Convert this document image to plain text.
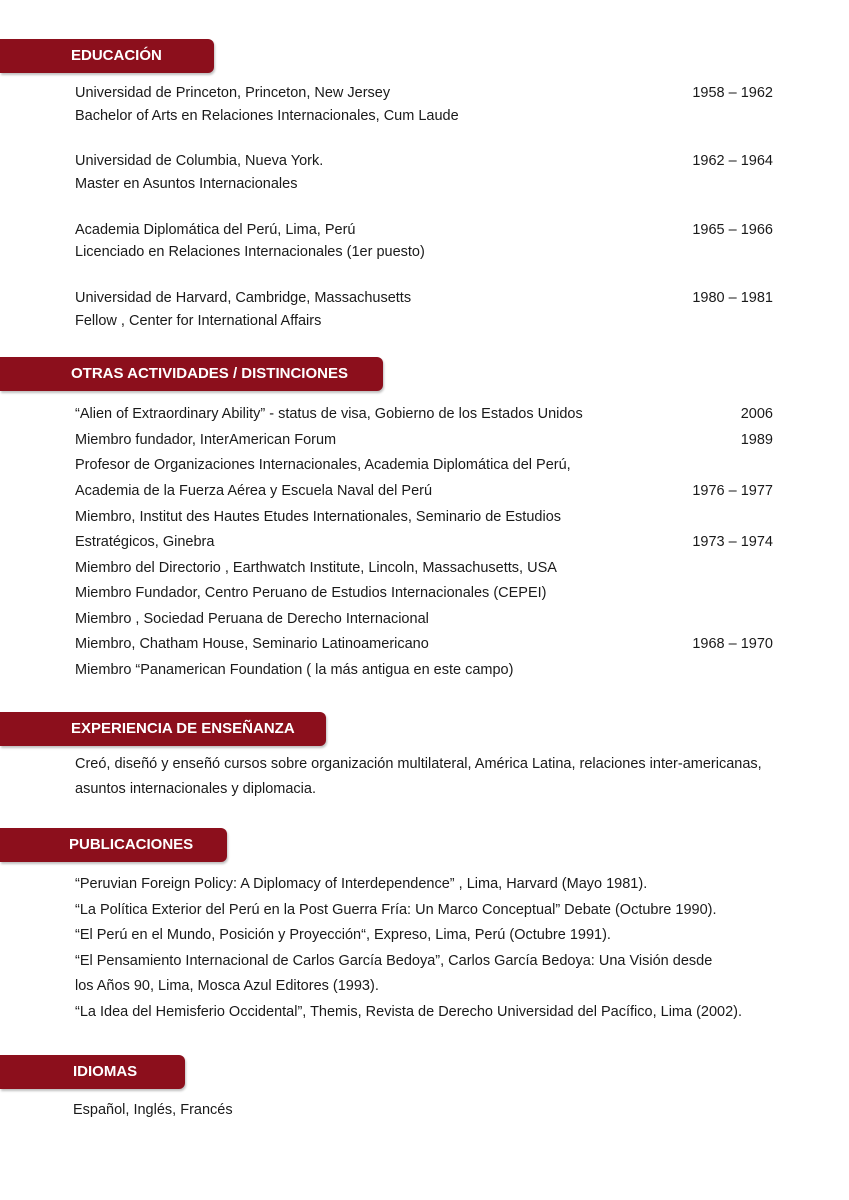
EDUCACIÓN
Universidad de Princeton, Princeton, New Jersey	1958 – 1962
Bachelor of Arts en Relaciones Internacionales, Cum Laude
Universidad de Columbia, Nueva York.	1962 – 1964
Master en Asuntos Internacionales
Academia Diplomática del Perú, Lima, Perú	1965 – 1966
Licenciado en Relaciones Internacionales (1er puesto)
Universidad de Harvard, Cambridge, Massachusetts	1980 – 1981
Fellow , Center for International Affairs
OTRAS ACTIVIDADES / DISTINCIONES
“Alien of Extraordinary Ability” - status de visa, Gobierno de los Estados Unidos	2006
Miembro fundador, InterAmerican Forum	1989
Profesor de Organizaciones Internacionales, Academia Diplomática del Perú,
Academia de la Fuerza Aérea y Escuela Naval del Perú	1976 – 1977
Miembro, Institut des Hautes Etudes Internationales, Seminario de Estudios
Estratégicos, Ginebra	1973 – 1974
Miembro del Directorio , Earthwatch Institute, Lincoln, Massachusetts, USA
Miembro Fundador, Centro Peruano de Estudios Internacionales (CEPEI)
Miembro , Sociedad Peruana de Derecho Internacional
Miembro, Chatham House, Seminario Latinoamericano	1968 – 1970
Miembro “Panamerican Foundation ( la más antigua en este campo)
EXPERIENCIA DE ENSEÑANZA
Creó, diseñó y enseñó cursos sobre organización multilateral, América Latina, relaciones inter-americanas,
asuntos internacionales y diplomacia.
PUBLICACIONES
“Peruvian Foreign Policy: A Diplomacy of Interdependence” , Lima, Harvard (Mayo 1981).
“La Política Exterior del Perú en la Post Guerra Fría: Un Marco Conceptual” Debate (Octubre 1990).
“El Perú en el Mundo, Posición y Proyección“, Expreso, Lima, Perú (Octubre 1991).
“El Pensamiento Internacional de Carlos García Bedoya”, Carlos García Bedoya: Una Visión desde
los Años 90, Lima, Mosca Azul Editores (1993).
“La Idea del Hemisferio Occidental”, Themis, Revista de Derecho Universidad del Pacífico, Lima (2002).
IDIOMAS
Español, Inglés, Francés
